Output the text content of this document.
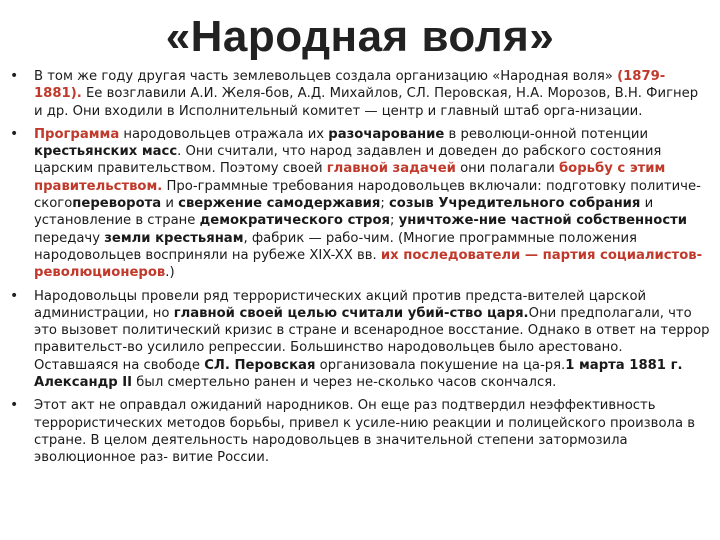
«Народная воля»
• В том же году другая часть землевольцев создала организацию «Народная воля» (1879-1881). Ее возглавили А.И. Желя-бов, А.Д. Михайлов, СЛ. Перовская, Н.А. Морозов, В.Н. Фигнер и др. Они входили в Исполнительный комитет — центр и главный штаб орга-низации.
• Программа народовольцев отражала их разочарование в революци-онной потенции крестьянских масс. Они считали, что народ задавлен и доведен до рабского состояния царским правительством. Поэтому своей главной задачей они полагали борьбу с этим правительством. Про-граммные требования народовольцев включали: подготовку политиче-скогопереворота и свержение самодержавия; созыв Учредительного собрания и установление в стране демократического строя; уничтоже-ние частной собственности передачу земли крестьянам, фабрик — рабо-чим. (Многие программные положения народовольцев восприняли на рубеже XIX-XX вв. их последователи — партия социалистов- революционеров.)
• Народовольцы провели ряд террористических акций против предста-вителей царской администрации, но главной своей целью считали убий-ство царя.Они предполагали, что это вызовет политический кризис в стране и всенародное восстание. Однако в ответ на террор правительст-во усилило репрессии. Большинство народовольцев было арестовано. Оставшаяся на свободе СЛ. Перовская организовала покушение на ца-ря.1 марта 1881 г. Александр II был смертельно ранен и через не-сколько часов скончался.
• Этот акт не оправдал ожиданий народников. Он еще раз подтвердил неэффективность террористических методов борьбы, привел к усиле-нию реакции и полицейского произвола в стране. В целом деятельность народовольцев в значительной степени затормозила эволюционное раз- витие России.
